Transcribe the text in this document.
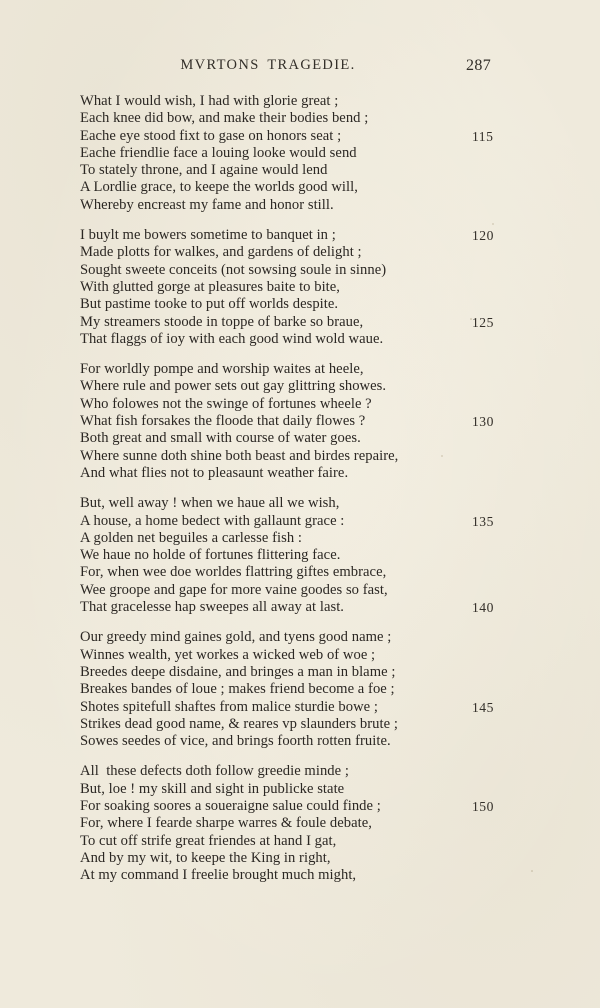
MVRTONS TRAGEDIE.	287
What I would wish, I had with glorie great ;
Each knee did bow, and make their bodies bend ;
Eache eye stood fixt to gase on honors seat ;	115
Eache friendlie face a louing looke would send
To stately throne, and I againe would lend
A Lordlie grace, to keepe the worlds good will,
Whereby encreast my fame and honor still.
I buylt me bowers sometime to banquet in ;	120
Made plotts for walkes, and gardens of delight ;
Sought sweete conceits (not sowsing soule in sinne)
With glutted gorge at pleasures baite to bite,
But pastime tooke to put off worlds despite.
My streamers stoode in toppe of barke so braue,	125
That flaggs of ioy with each good wind wold waue.
For worldly pompe and worship waites at heele,
Where rule and power sets out gay glittring showes.
Who folowes not the swinge of fortunes wheele ?
What fish forsakes the floode that daily flowes ?	130
Both great and small with course of water goes.
Where sunne doth shine both beast and birdes repaire,
And what flies not to pleasaunt weather faire.
But, well away ! when we haue all we wish,
A house, a home bedect with gallaunt grace :	135
A golden net beguiles a carlesse fish :
We haue no holde of fortunes flittering face.
For, when wee doe worldes flattring giftes embrace,
Wee groope and gape for more vaine goodes so fast,
That gracelesse hap sweepes all away at last.	140
Our greedy mind gaines gold, and tyens good name ;
Winnes wealth, yet workes a wicked web of woe ;
Breedes deepe disdaine, and bringes a man in blame ;
Breakes bandes of loue ; makes friend become a foe ;
Shotes spitefull shaftes from malice sturdie bowe ;	145
Strikes dead good name, & reares vp slaunders brute ;
Sowes seedes of vice, and brings foorth rotten fruite.
All  these defects doth follow greedie minde ;
But, loe ! my skill and sight in publicke state
For soaking soores a soueraigne salue could finde ;	150
For, where I fearde sharpe warres & foule debate,
To cut off strife great friendes at hand I gat,
And by my wit, to keepe the King in right,
At my command I freelie brought much might,
